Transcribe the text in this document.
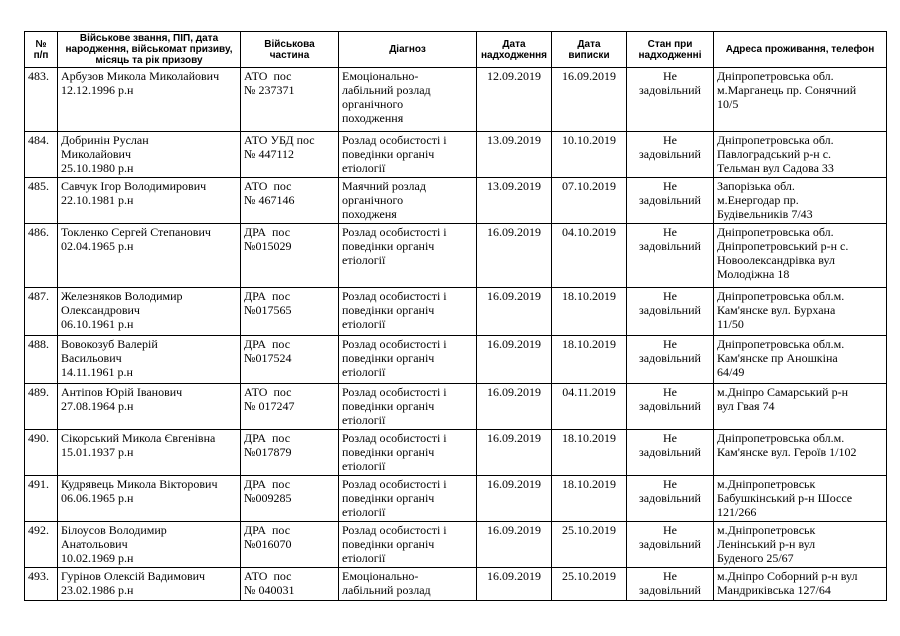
№
п/п	Військове звання, ПІП, дата
народження, військомат призиву,
місяць та рік призову	Військова
частина	Діагноз	Дата
надходження	Дата
виписки	Стан при
надходженні	Адреса проживання, телефон

483.	Арбузов Микола Миколайович
12.12.1996 р.н	АТО  пос
№ 237371	Емоціонально-
лабільний розлад
органічного
походження	12.09.2019	16.09.2019	Не
задовільний	Дніпропетровська обл.
м.Марганець пр. Сонячний
10/5

484.	Добринін Руслан
Миколайович
25.10.1980 р.н	АТО УБД пос
№ 447112	Розлад особистості і
поведінки органіч
етіології	13.09.2019	10.10.2019	Не
задовільний	Дніпропетровська обл.
Павлоградський р-н с.
Тельман вул Садова 33

485.	Савчук Ігор Володимирович
22.10.1981 р.н	АТО  пос
№ 467146	Маячний розлад
органічного
походженя	13.09.2019	07.10.2019	Не
задовільний	Запорізька обл.
м.Енергодар пр.
Будівельників 7/43

486.	Токленко Сергей Степанович
02.04.1965 р.н	ДРА  пос
№015029	Розлад особистості і
поведінки органіч
етіології	16.09.2019	04.10.2019	Не
задовільний	Дніпропетровська обл.
Дніпропетровський р-н с.
Новоолександрівка вул
Молодіжна 18

487.	Железняков Володимир
Олександрович
06.10.1961 р.н	ДРА  пос
№017565	Розлад особистості і
поведінки органіч
етіології	16.09.2019	18.10.2019	Не
задовільний	Дніпропетровська обл.м.
Кам'янске вул. Бурхана
11/50

488.	Вовокозуб Валерій
Васильович
14.11.1961 р.н	ДРА  пос
№017524	Розлад особистості і
поведінки органіч
етіології	16.09.2019	18.10.2019	Не
задовільний	Дніпропетровська обл.м.
Кам'янске пр Аношкіна
64/49

489.	Антіпов Юрій Іванович
27.08.1964 р.н	АТО  пос
№ 017247	Розлад особистості і
поведінки органіч
етіології	16.09.2019	04.11.2019	Не
задовільний	м.Дніпро Самарський р-н
вул Гвая 74

490.	Сікорський Микола Євгенівна
15.01.1937 р.н	ДРА  пос
№017879	Розлад особистості і
поведінки органіч
етіології	16.09.2019	18.10.2019	Не
задовільний	Дніпропетровська обл.м.
Кам'янске вул. Героїв 1/102

491.	Кудрявець Микола Вікторович
06.06.1965 р.н	ДРА  пос
№009285	Розлад особистості і
поведінки органіч
етіології	16.09.2019	18.10.2019	Не
задовільний	м.Дніпропетровськ
Бабушкінський р-н Шоссе
121/266

492.	Білоусов Володимир
Анатольович
10.02.1969 р.н	ДРА  пос
№016070	Розлад особистості і
поведінки органіч
етіології	16.09.2019	25.10.2019	Не
задовільний	м.Дніпропетровськ
Ленінський р-н вул
Буденого 25/67

493.	Гурінов Олексій Вадимович
23.02.1986 р.н	АТО  пос
№ 040031	Емоціонально-
лабільний розлад	16.09.2019	25.10.2019	Не
задовільний	м.Дніпро Соборний р-н вул
Мандриківська 127/64
